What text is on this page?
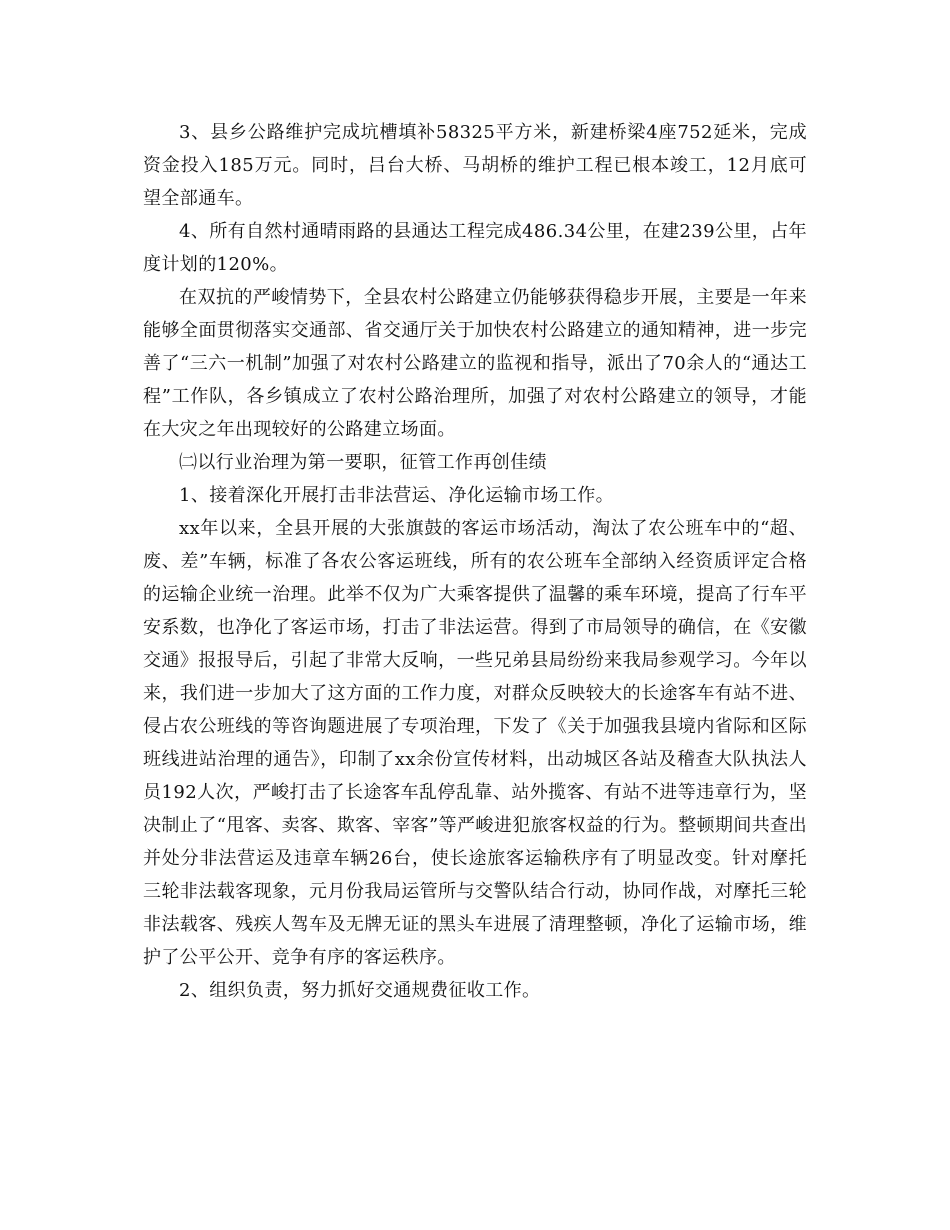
3、县乡公路维护完成坑槽填补58325平方米，新建桥梁4座752延米，完成资金投入185万元。同时，吕台大桥、马胡桥的维护工程已根本竣工，12月底可望全部通车。

4、所有自然村通晴雨路的县通达工程完成486.34公里，在建239公里，占年度计划的120%。

在双抗的严峻情势下，全县农村公路建立仍能够获得稳步开展，主要是一年来能够全面贯彻落实交通部、省交通厅关于加快农村公路建立的通知精神，进一步完善了“三六一机制”加强了对农村公路建立的监视和指导，派出了70余人的“通达工程”工作队，各乡镇成立了农村公路治理所，加强了对农村公路建立的领导，才能在大灾之年出现较好的公路建立场面。

㈡以行业治理为第一要职，征管工作再创佳绩

1、接着深化开展打击非法营运、净化运输市场工作。

xx年以来，全县开展的大张旗鼓的客运市场活动，淘汰了农公班车中的“超、废、差”车辆，标准了各农公客运班线，所有的农公班车全部纳入经资质评定合格的运输企业统一治理。此举不仅为广大乘客提供了温馨的乘车环境，提高了行车平安系数，也净化了客运市场，打击了非法运营。得到了市局领导的确信，在《安徽交通》报报导后，引起了非常大反响，一些兄弟县局纷纷来我局参观学习。今年以来，我们进一步加大了这方面的工作力度，对群众反映较大的长途客车有站不进、侵占农公班线的等咨询题进展了专项治理，下发了《关于加强我县境内省际和区际班线进站治理的通告》，印制了xx余份宣传材料，出动城区各站及稽查大队执法人员192人次，严峻打击了长途客车乱停乱靠、站外揽客、有站不进等违章行为，坚决制止了“甩客、卖客、欺客、宰客”等严峻进犯旅客权益的行为。整顿期间共查出并处分非法营运及违章车辆26台，使长途旅客运输秩序有了明显改变。针对摩托三轮非法载客现象，元月份我局运管所与交警队结合行动，协同作战，对摩托三轮非法载客、残疾人驾车及无牌无证的黑头车进展了清理整顿，净化了运输市场，维护了公平公开、竞争有序的客运秩序。

2、组织负责，努力抓好交通规费征收工作。
